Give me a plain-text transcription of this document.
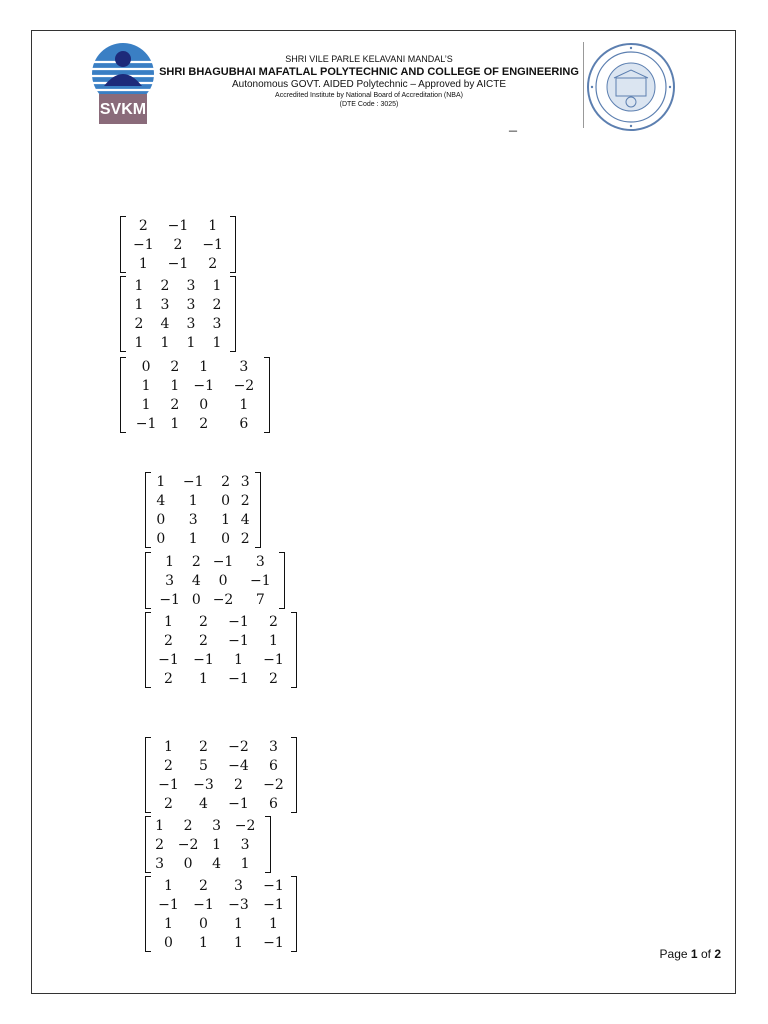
SVKM
SHRI VILE PARLE KELAVANI MANDAL’S
SHRI BHAGUBHAI MAFATLAL POLYTECHNIC AND COLLEGE OF ENGINEERING
Autonomous GOVT. AIDED Polytechnic – Approved by AICTE
Accredited Institute by National Board of Accreditation (NBA)
(DTE Code : 3025)
–
2	−1	1
−1	2	−1
1	−1	2
1	2	3	1
1	3	3	2
2	4	3	3
1	1	1	1
0	2	1	3
1	1	−1	−2
1	2	0	1
−1	1	2	6
1	−1	2	3
4	1	0	2
0	3	1	4
0	1	0	2
1	2	−1	3
3	4	0	−1
−1	0	−2	7
1	2	−1	2
2	2	−1	1
−1	−1	1	−1
2	1	−1	2
1	2	−2	3
2	5	−4	6
−1	−3	2	−2
2	4	−1	6
1	2	3	−2
2	−2	1	3
3	0	4	1
1	2	3	−1
−1	−1	−3	−1
1	0	1	1
0	1	1	−1
Page 1 of 2
